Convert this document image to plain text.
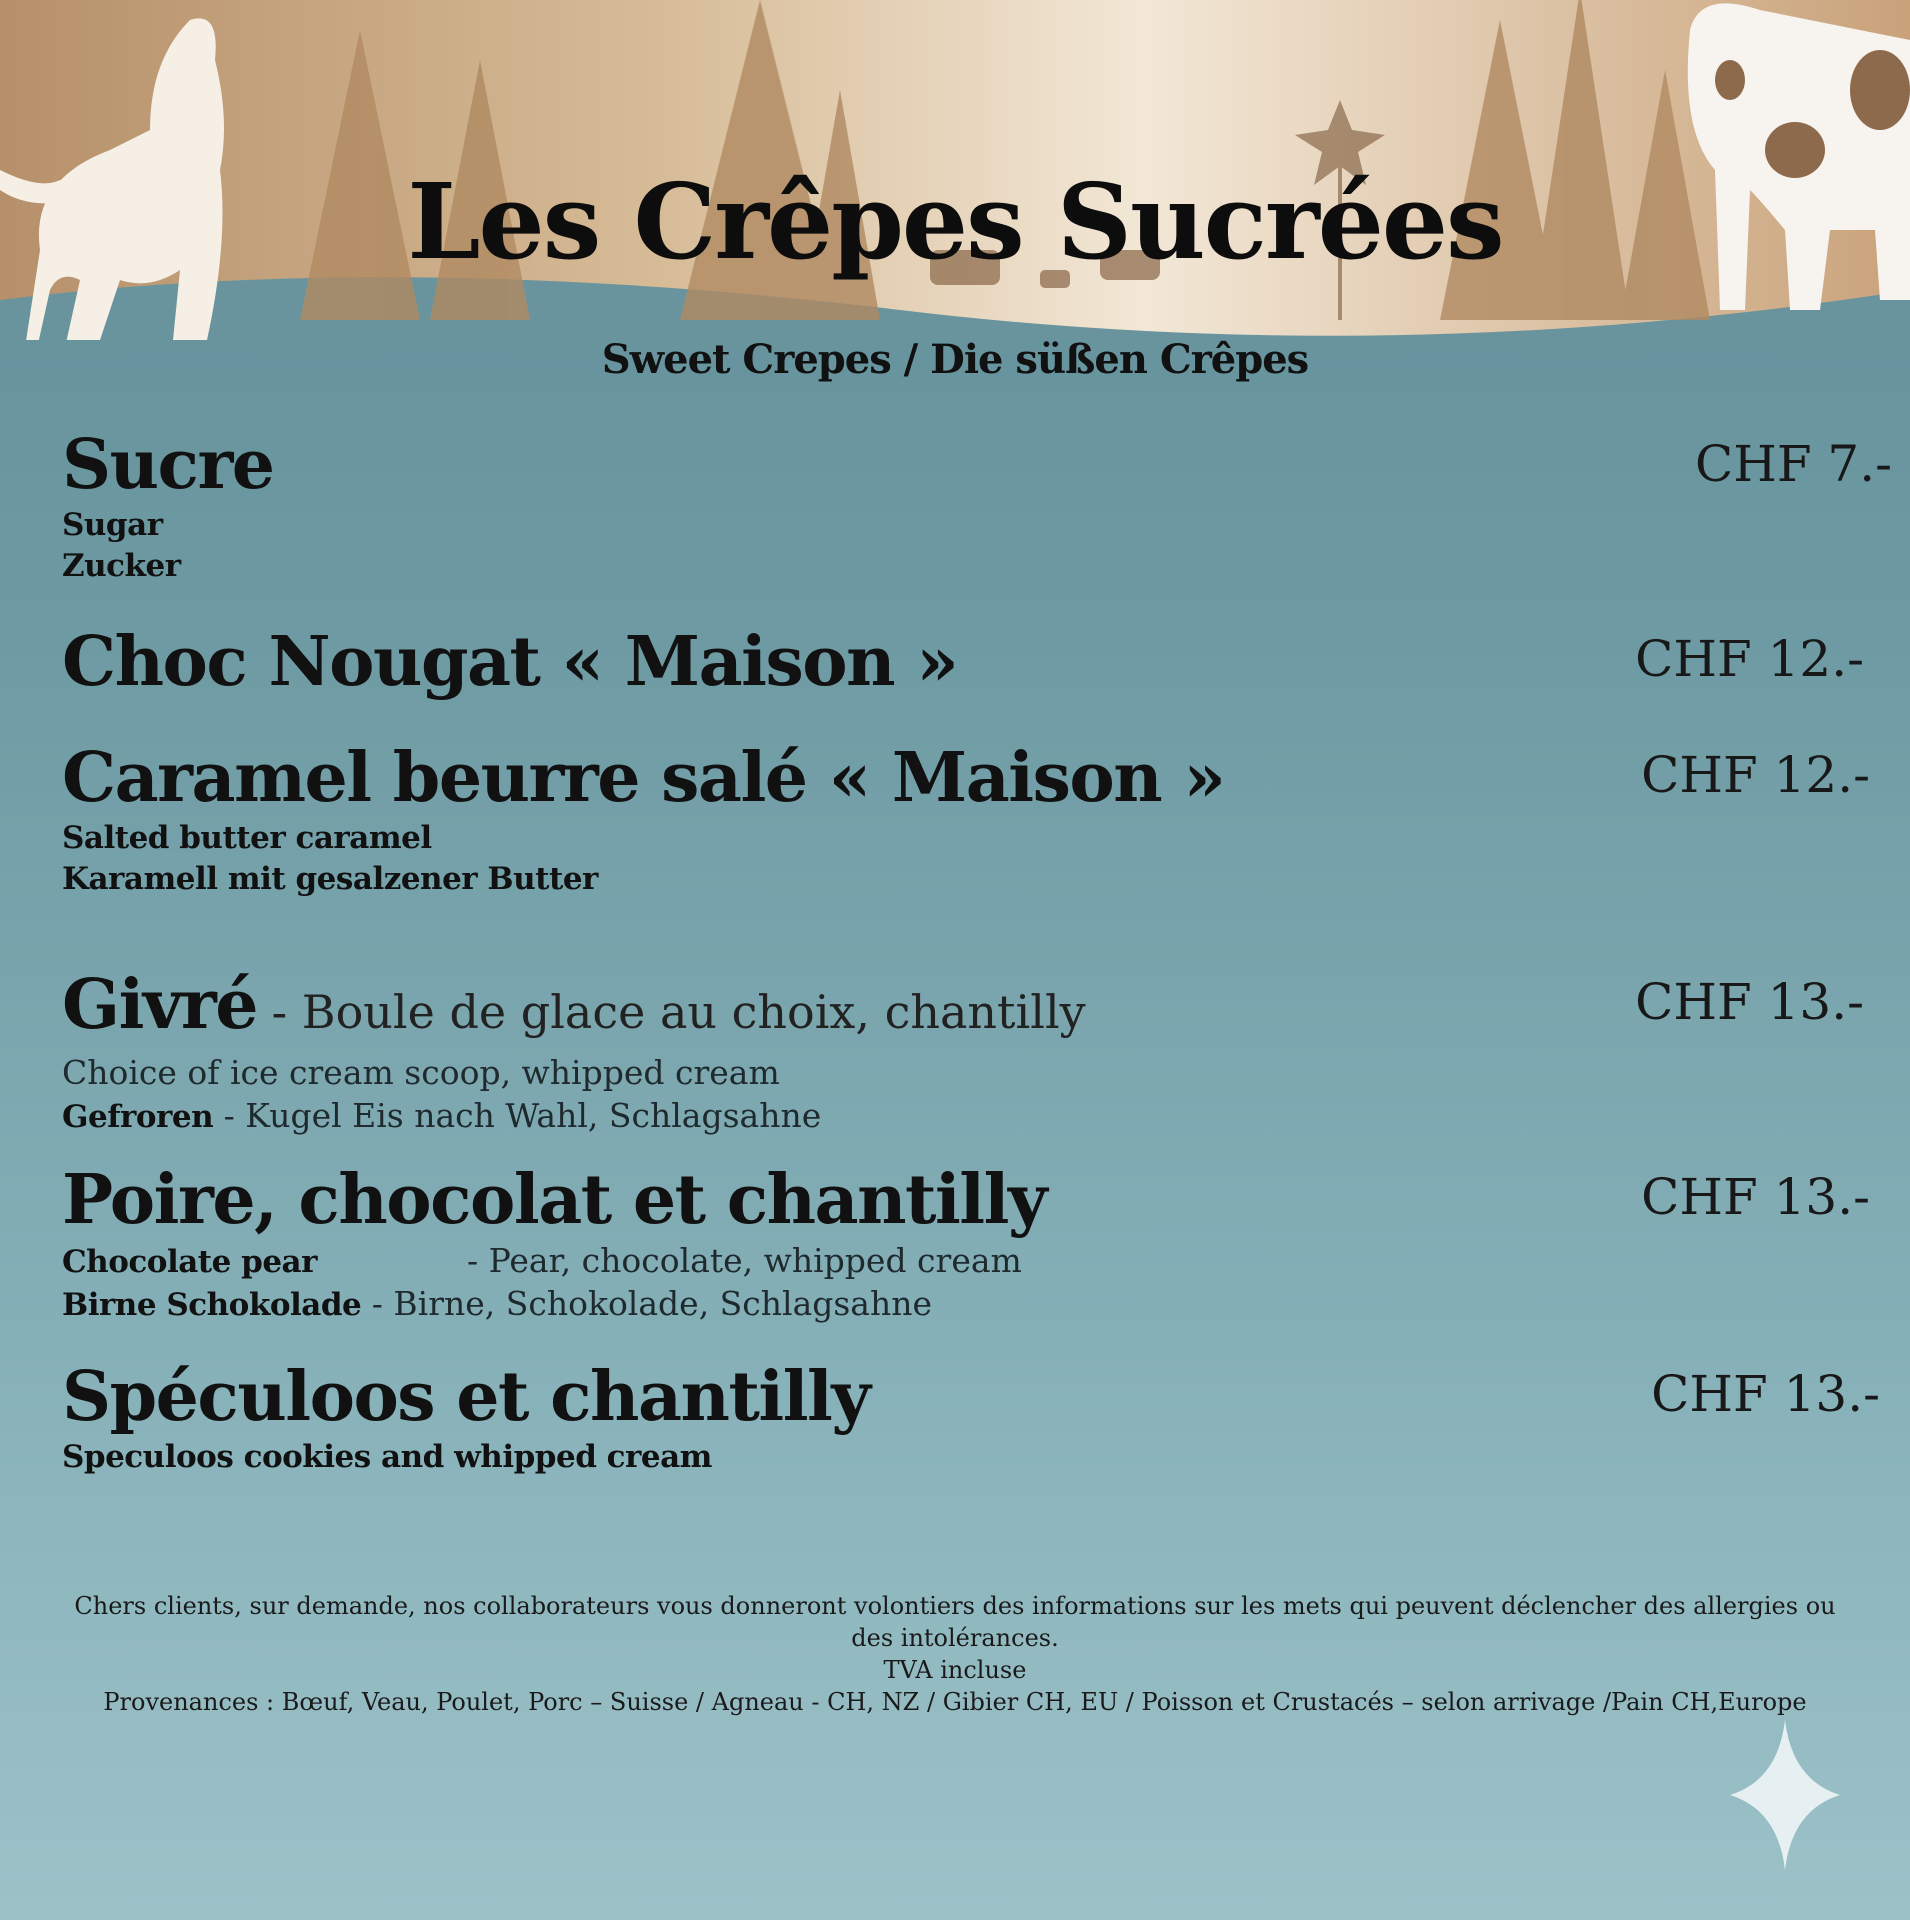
Les Crêpes Sucrées
Sweet Crepes / Die süßen Crêpes
Sucre	CHF 7.-
Sugar
Zucker
Choc Nougat « Maison »	CHF 12.-
Caramel beurre salé « Maison »	CHF 12.-
Salted butter caramel
Karamell mit gesalzener Butter
Givré - Boule de glace au choix, chantilly	CHF 13.-
Choice of ice cream scoop, whipped cream
Gefroren - Kugel Eis nach Wahl, Schlagsahne
Poire, chocolat et chantilly	CHF 13.-
Chocolate pear	- Pear, chocolate, whipped cream
Birne Schokolade - Birne, Schokolade, Schlagsahne
Spéculoos et chantilly	CHF 13.-
Speculoos cookies and whipped cream
Chers clients, sur demande, nos collaborateurs vous donneront volontiers des informations sur les mets qui peuvent déclencher des allergies ou des intolérances.
TVA incluse
Provenances : Bœuf, Veau, Poulet, Porc – Suisse / Agneau - CH, NZ / Gibier CH, EU / Poisson et Crustacés – selon arrivage /Pain CH,Europe
